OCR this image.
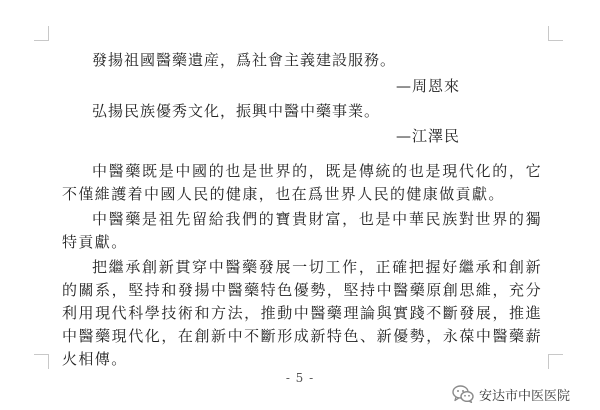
發揚祖國醫藥遺産，爲社會主義建設服務。
—周恩來
弘揚民族優秀文化，振興中醫中藥事業。
—江澤民
中醫藥既是中國的也是世界的，既是傳統的也是現代化的，它不僅維護着中國人民的健康，也在爲世界人民的健康做貢獻。
中醫藥是祖先留給我們的寶貴財富，也是中華民族對世界的獨特貢獻。
把繼承創新貫穿中醫藥發展一切工作，正確把握好繼承和創新的關系，堅持和發揚中醫藥特色優勢，堅持中醫藥原創思維，充分利用現代科學技術和方法，推動中醫藥理論與實踐不斷發展，推進中醫藥現代化，在創新中不斷形成新特色、新優勢，永葆中醫藥薪火相傳。
- 5 -
安达市中医医院
